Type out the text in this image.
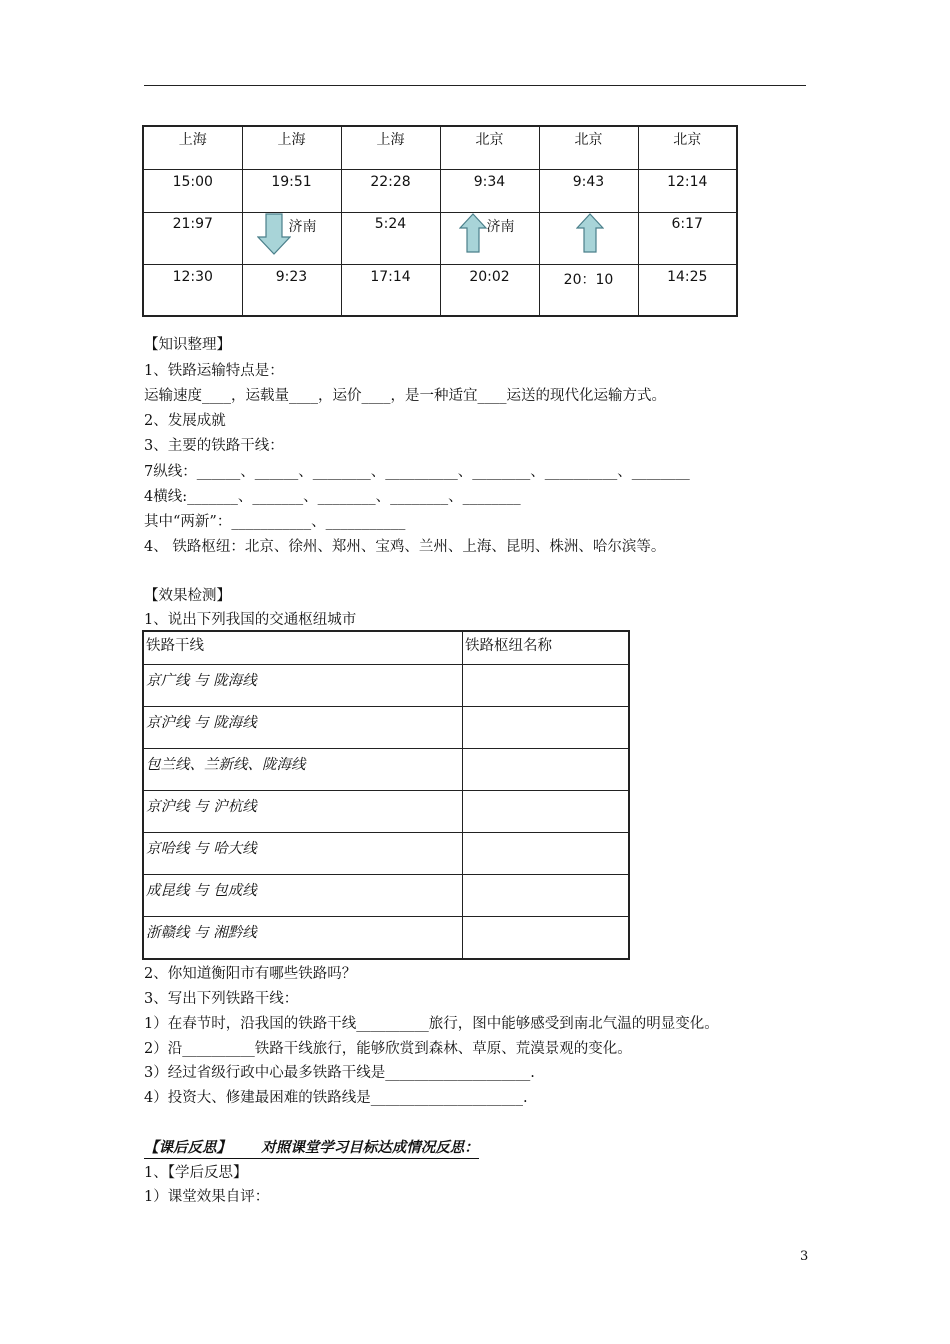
上海	上海	上海	北京	北京	北京
15:00	19:51	22:28	9:34	9:43	12:14
21:97	济南	5:24	济南		6:17
12:30	9:23	17:14	20:02	20：10	14:25
【知识整理】
1、铁路运输特点是：
运输速度____，运载量____，运价____，是一种适宜____运送的现代化运输方式。
2、发展成就
3、主要的铁路干线：
7纵线：______、______、________、__________、________、__________、________
4横线:_______、_______、________、________、________
其中“两新”：___________、___________
4、 铁路枢纽：北京、徐州、郑州、宝鸡、兰州、上海、昆明、株洲、哈尔滨等。
【效果检测】
1、说出下列我国的交通枢纽城市
铁路干线	铁路枢纽名称
京广线 与 陇海线	
京沪线 与 陇海线	
包兰线、兰新线、陇海线	
京沪线 与 沪杭线	
京哈线 与 哈大线	
成昆线 与 包成线	
浙赣线 与 湘黔线	
2、你知道衡阳市有哪些铁路吗？
3、写出下列铁路干线：
1）在春节时，沿我国的铁路干线__________旅行，图中能够感受到南北气温的明显变化。
2）沿__________铁路干线旅行，能够欣赏到森林、草原、荒漠景观的变化。
3）经过省级行政中心最多铁路干线是____________________.
4）投资大、修建最困难的铁路线是_____________________.
【课后反思】      对照课堂学习目标达成情况反思：
1、【学后反思】
1）课堂效果自评：
3
